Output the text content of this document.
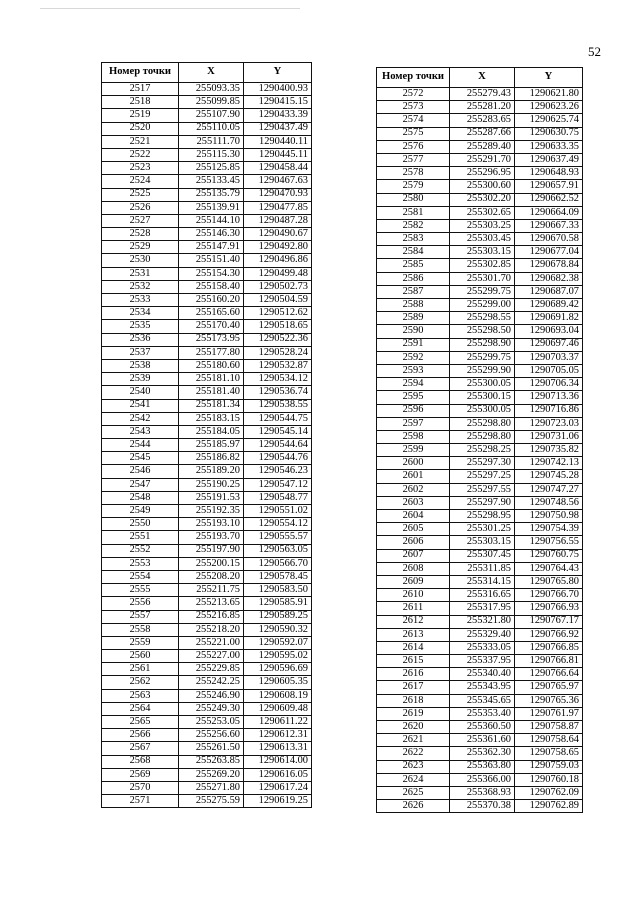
52
Номер точки	X	Y
2517	255093.35	1290400.93
2518	255099.85	1290415.15
2519	255107.90	1290433.39
2520	255110.05	1290437.49
2521	255111.70	1290440.11
2522	255115.30	1290445.11
2523	255125.85	1290458.44
2524	255133.45	1290467.63
2525	255135.79	1290470.93
2526	255139.91	1290477.85
2527	255144.10	1290487.28
2528	255146.30	1290490.67
2529	255147.91	1290492.80
2530	255151.40	1290496.86
2531	255154.30	1290499.48
2532	255158.40	1290502.73
2533	255160.20	1290504.59
2534	255165.60	1290512.62
2535	255170.40	1290518.65
2536	255173.95	1290522.36
2537	255177.80	1290528.24
2538	255180.60	1290532.87
2539	255181.10	1290534.12
2540	255181.40	1290536.74
2541	255181.34	1290538.55
2542	255183.15	1290544.75
2543	255184.05	1290545.14
2544	255185.97	1290544.64
2545	255186.82	1290544.76
2546	255189.20	1290546.23
2547	255190.25	1290547.12
2548	255191.53	1290548.77
2549	255192.35	1290551.02
2550	255193.10	1290554.12
2551	255193.70	1290555.57
2552	255197.90	1290563.05
2553	255200.15	1290566.70
2554	255208.20	1290578.45
2555	255211.75	1290583.50
2556	255213.65	1290585.91
2557	255216.85	1290589.25
2558	255218.20	1290590.32
2559	255221.00	1290592.07
2560	255227.00	1290595.02
2561	255229.85	1290596.69
2562	255242.25	1290605.35
2563	255246.90	1290608.19
2564	255249.30	1290609.48
2565	255253.05	1290611.22
2566	255256.60	1290612.31
2567	255261.50	1290613.31
2568	255263.85	1290614.00
2569	255269.20	1290616.05
2570	255271.80	1290617.24
2571	255275.59	1290619.25
Номер точки	X	Y
2572	255279.43	1290621.80
2573	255281.20	1290623.26
2574	255283.65	1290625.74
2575	255287.66	1290630.75
2576	255289.40	1290633.35
2577	255291.70	1290637.49
2578	255296.95	1290648.93
2579	255300.60	1290657.91
2580	255302.20	1290662.52
2581	255302.65	1290664.09
2582	255303.25	1290667.33
2583	255303.45	1290670.58
2584	255303.15	1290677.04
2585	255302.85	1290678.84
2586	255301.70	1290682.38
2587	255299.75	1290687.07
2588	255299.00	1290689.42
2589	255298.55	1290691.82
2590	255298.50	1290693.04
2591	255298.90	1290697.46
2592	255299.75	1290703.37
2593	255299.90	1290705.05
2594	255300.05	1290706.34
2595	255300.15	1290713.36
2596	255300.05	1290716.86
2597	255298.80	1290723.03
2598	255298.80	1290731.06
2599	255298.25	1290735.82
2600	255297.30	1290742.13
2601	255297.25	1290745.28
2602	255297.55	1290747.27
2603	255297.90	1290748.56
2604	255298.95	1290750.98
2605	255301.25	1290754.39
2606	255303.15	1290756.55
2607	255307.45	1290760.75
2608	255311.85	1290764.43
2609	255314.15	1290765.80
2610	255316.65	1290766.70
2611	255317.95	1290766.93
2612	255321.80	1290767.17
2613	255329.40	1290766.92
2614	255333.05	1290766.85
2615	255337.95	1290766.81
2616	255340.40	1290766.64
2617	255343.95	1290765.97
2618	255345.65	1290765.36
2619	255353.40	1290761.97
2620	255360.50	1290758.87
2621	255361.60	1290758.64
2622	255362.30	1290758.65
2623	255363.80	1290759.03
2624	255366.00	1290760.18
2625	255368.93	1290762.09
2626	255370.38	1290762.89
